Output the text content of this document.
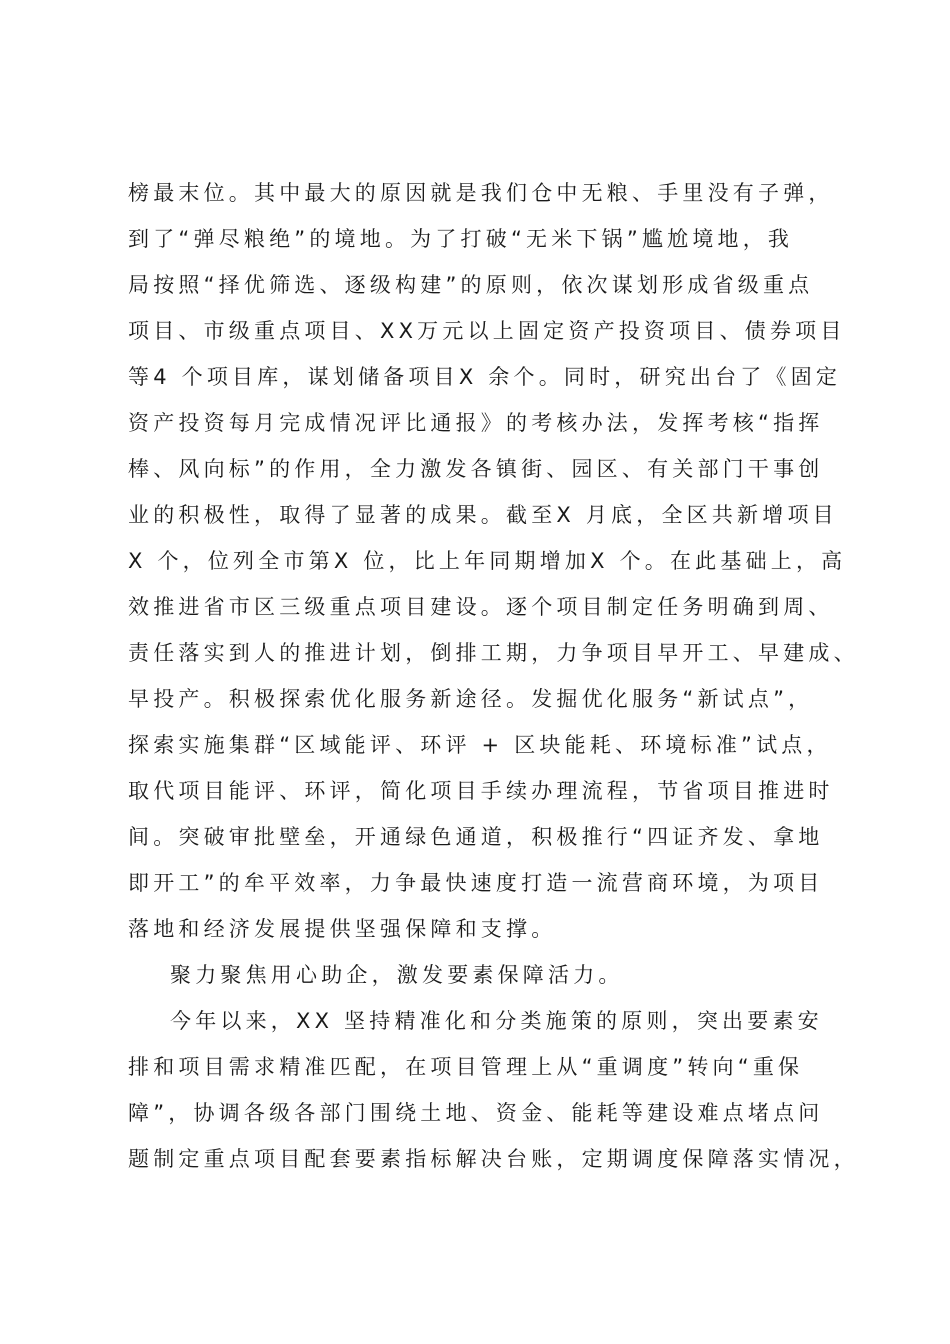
榜最末位。其中最大的原因就是我们仓中无粮、手里没有子弹，
到了“弹尽粮绝”的境地。为了打破“无米下锅”尴尬境地，我
局按照“择优筛选、逐级构建”的原则，依次谋划形成省级重点
项目、市级重点项目、XX万元以上固定资产投资项目、债券项目
等4 个项目库，谋划储备项目X 余个。同时，研究出台了《固定
资产投资每月完成情况评比通报》的考核办法，发挥考核“指挥
棒、风向标”的作用，全力激发各镇街、园区、有关部门干事创
业的积极性，取得了显著的成果。截至X 月底，全区共新增项目
X 个，位列全市第X 位，比上年同期增加X 个。在此基础上，高
效推进省市区三级重点项目建设。逐个项目制定任务明确到周、
责任落实到人的推进计划，倒排工期，力争项目早开工、早建成、
早投产。积极探索优化服务新途径。发掘优化服务“新试点”，
探索实施集群“区域能评、环评 + 区块能耗、环境标准”试点，
取代项目能评、环评，简化项目手续办理流程，节省项目推进时
间。突破审批壁垒，开通绿色通道，积极推行“四证齐发、拿地
即开工”的牟平效率，力争最快速度打造一流营商环境，为项目
落地和经济发展提供坚强保障和支撑。
聚力聚焦用心助企，激发要素保障活力。
今年以来，XX 坚持精准化和分类施策的原则，突出要素安
排和项目需求精准匹配，在项目管理上从“重调度”转向“重保
障”，协调各级各部门围绕土地、资金、能耗等建设难点堵点问
题制定重点项目配套要素指标解决台账，定期调度保障落实情况，
